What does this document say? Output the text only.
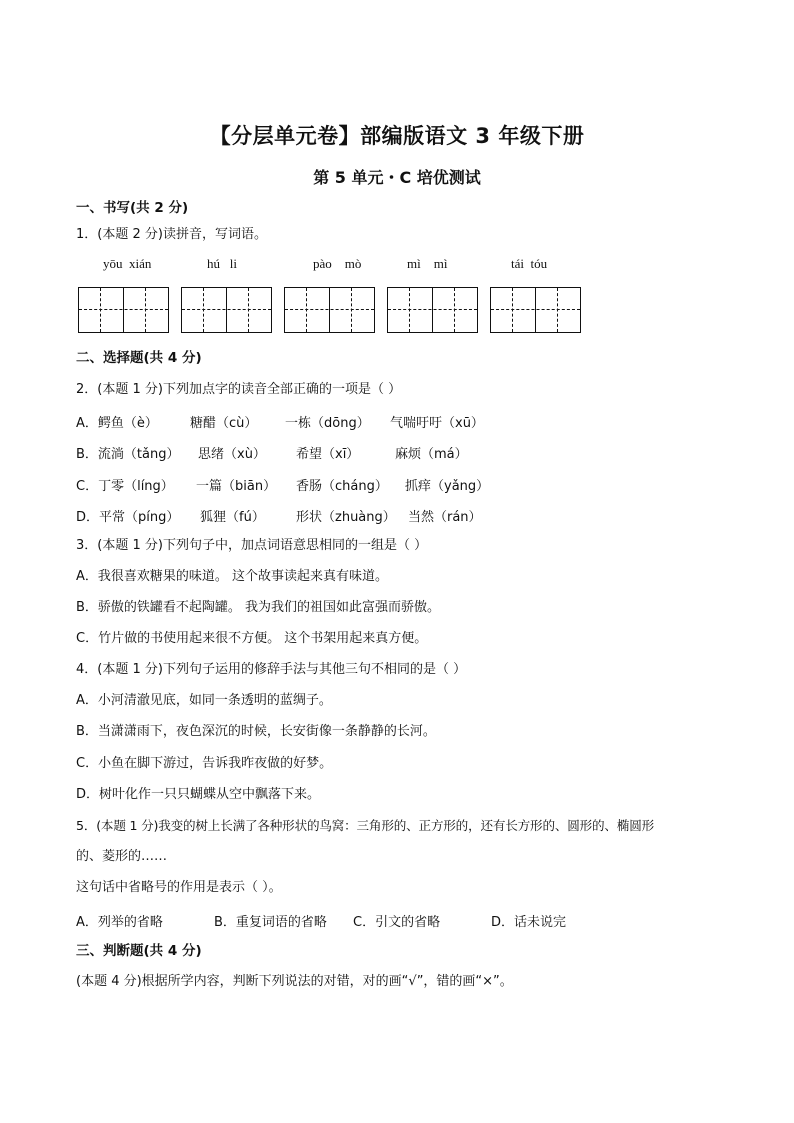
【分层单元卷】部编版语文 3 年级下册
第 5 单元・C 培优测试
一、书写(共 2 分)
1．(本题 2 分)读拼音，写词语。
yōu  xián	hú   li	pào    mò	mì    mì	tái  tóu
二、选择题(共 4 分)
2．(本题 1 分)下列加点字的读音全部正确的一项是（ ）
A．鳄鱼（è） 糖醋（cù） 一栋（dōng） 气喘吁吁（xū）
B．流淌（tǎng） 思绪（xù） 希望（xī）	麻烦（má）
C．丁零（líng） 一篇（biān） 香肠（cháng） 抓痒（yǎng）
D．平常（píng） 狐狸（fú） 形状（zhuàng） 当然（rán）
3．(本题 1 分)下列句子中，加点词语意思相同的一组是（ ）
A．我很喜欢糖果的味道。 这个故事读起来真有味道。
B．骄傲的铁罐看不起陶罐。 我为我们的祖国如此富强而骄傲。
C．竹片做的书使用起来很不方便。 这个书架用起来真方便。
4．(本题 1 分)下列句子运用的修辞手法与其他三句不相同的是（ ）
A．小河清澈见底，如同一条透明的蓝绸子。
B．当潇潇雨下，夜色深沉的时候，长安街像一条静静的长河。
C．小鱼在脚下游过，告诉我昨夜做的好梦。
D．树叶化作一只只蝴蝶从空中飘落下来。
5．(本题 1 分)我变的树上长满了各种形状的鸟窝：三角形的、正方形的，还有长方形的、圆形的、椭圆形
的、菱形的……
这句话中省略号的作用是表示（ ）。
A．列举的省略	B．重复词语的省略 C．引文的省略	D．话未说完
三、判断题(共 4 分)
(本题 4 分)根据所学内容，判断下列说法的对错，对的画“√”，错的画“×”。
